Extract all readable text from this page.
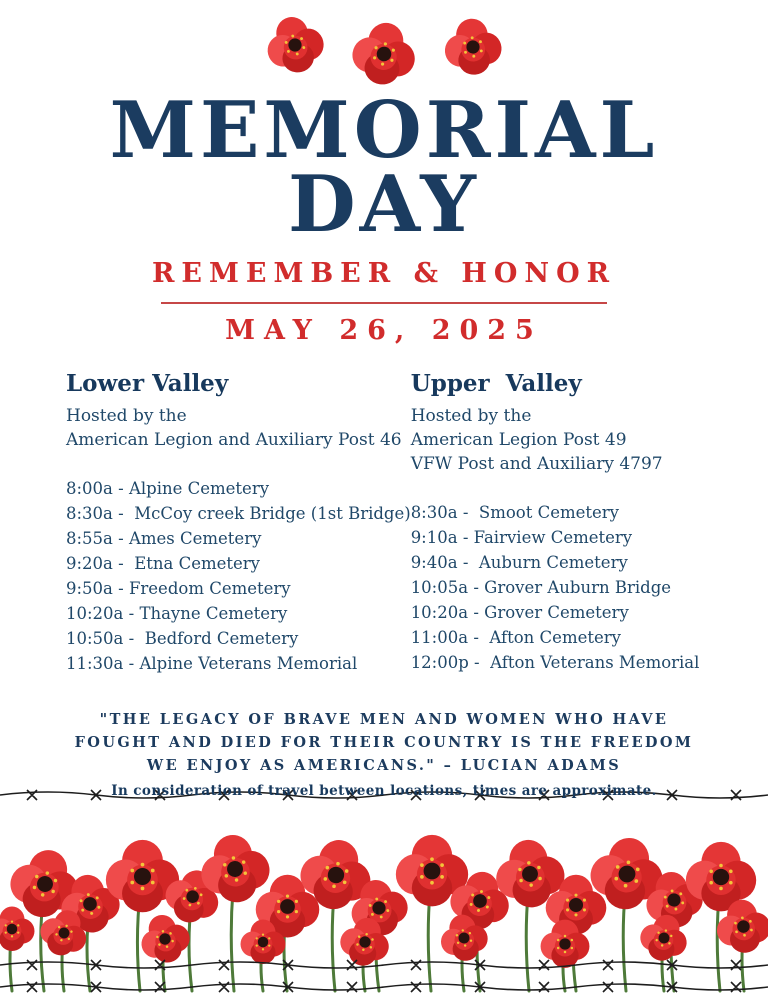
MEMORIAL
DAY
REMEMBER & HONOR
MAY 26, 2025
Lower Valley
Hosted by the
American Legion and Auxiliary Post 46
8:00a - Alpine Cemetery
8:30a -  McCoy creek Bridge (1st Bridge)
8:55a - Ames Cemetery
9:20a -  Etna Cemetery
9:50a - Freedom Cemetery
10:20a - Thayne Cemetery
10:50a -  Bedford Cemetery
11:30a - Alpine Veterans Memorial
Upper  Valley
Hosted by the
American Legion Post 49
VFW Post and Auxiliary 4797
8:30a -  Smoot Cemetery
9:10a - Fairview Cemetery
9:40a -  Auburn Cemetery
10:05a - Grover Auburn Bridge
10:20a - Grover Cemetery
11:00a -  Afton Cemetery
12:00p -  Afton Veterans Memorial
"THE LEGACY OF BRAVE MEN AND WOMEN WHO HAVE
FOUGHT AND DIED FOR THEIR COUNTRY IS THE FREEDOM
WE ENJOY AS AMERICANS." – LUCIAN ADAMS
In consideration of travel between locations, times are approximate.
